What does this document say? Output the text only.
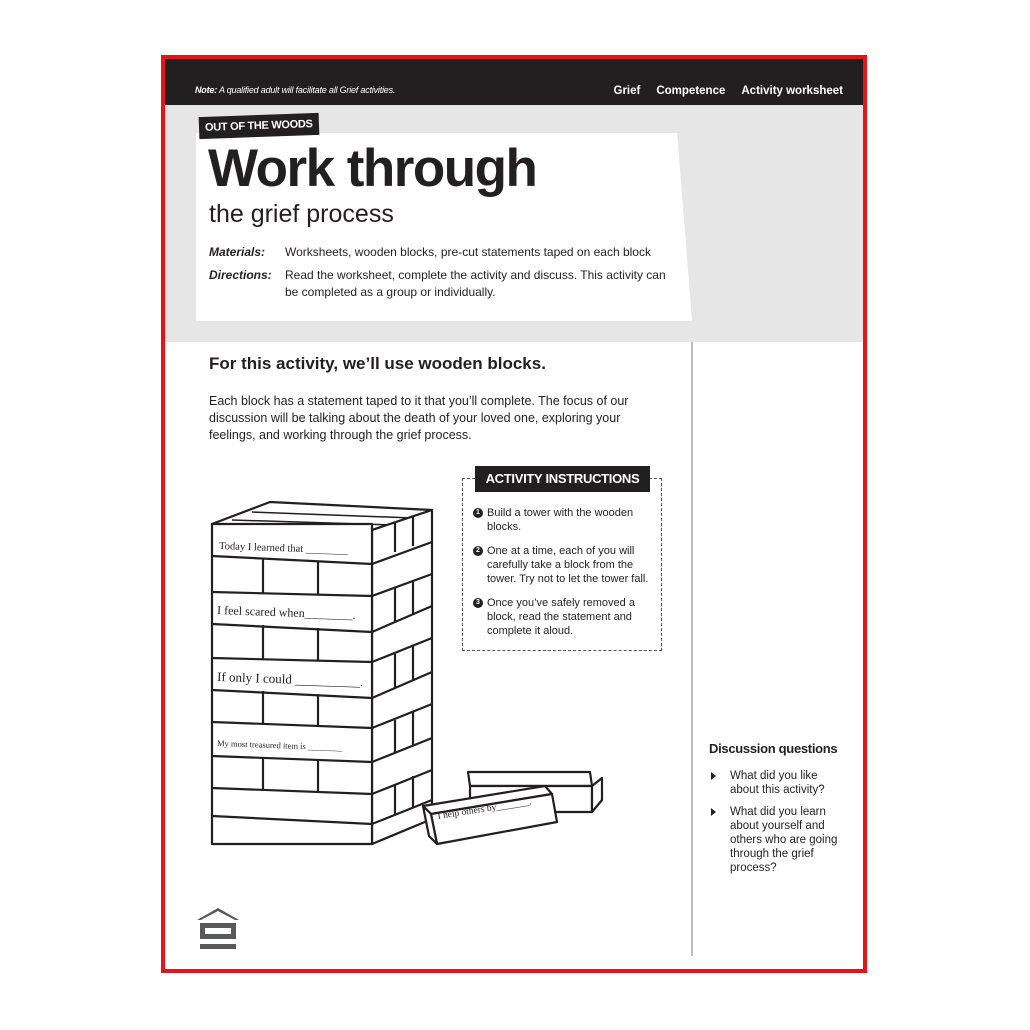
Note: A qualified adult will facilitate all Grief activities.	Grief Competence Activity worksheet
OUT OF THE WOODS
Work through
the grief process
Materials:	Worksheets, wooden blocks, pre-cut statements taped on each block
Directions:	Read the worksheet, complete the activity and discuss. This activity can be completed as a group or individually.
For this activity, we’ll use wooden blocks.
Each block has a statement taped to it that you’ll complete. The focus of our discussion will be talking about the death of your loved one, exploring your feelings, and working through the grief process.
Today I learned that ________
I feel scared when________.
If only I could __________.
My most treasured item is ________
I help others by_______.
ACTIVITY INSTRUCTIONS
1 Build a tower with the wooden blocks.
2 One at a time, each of you will carefully take a block from the tower. Try not to let the tower fall.
3 Once you’ve safely removed a block, read the statement and complete it aloud.
Discussion questions
What did you like about this activity?
What did you learn about yourself and others who are going through the grief process?
